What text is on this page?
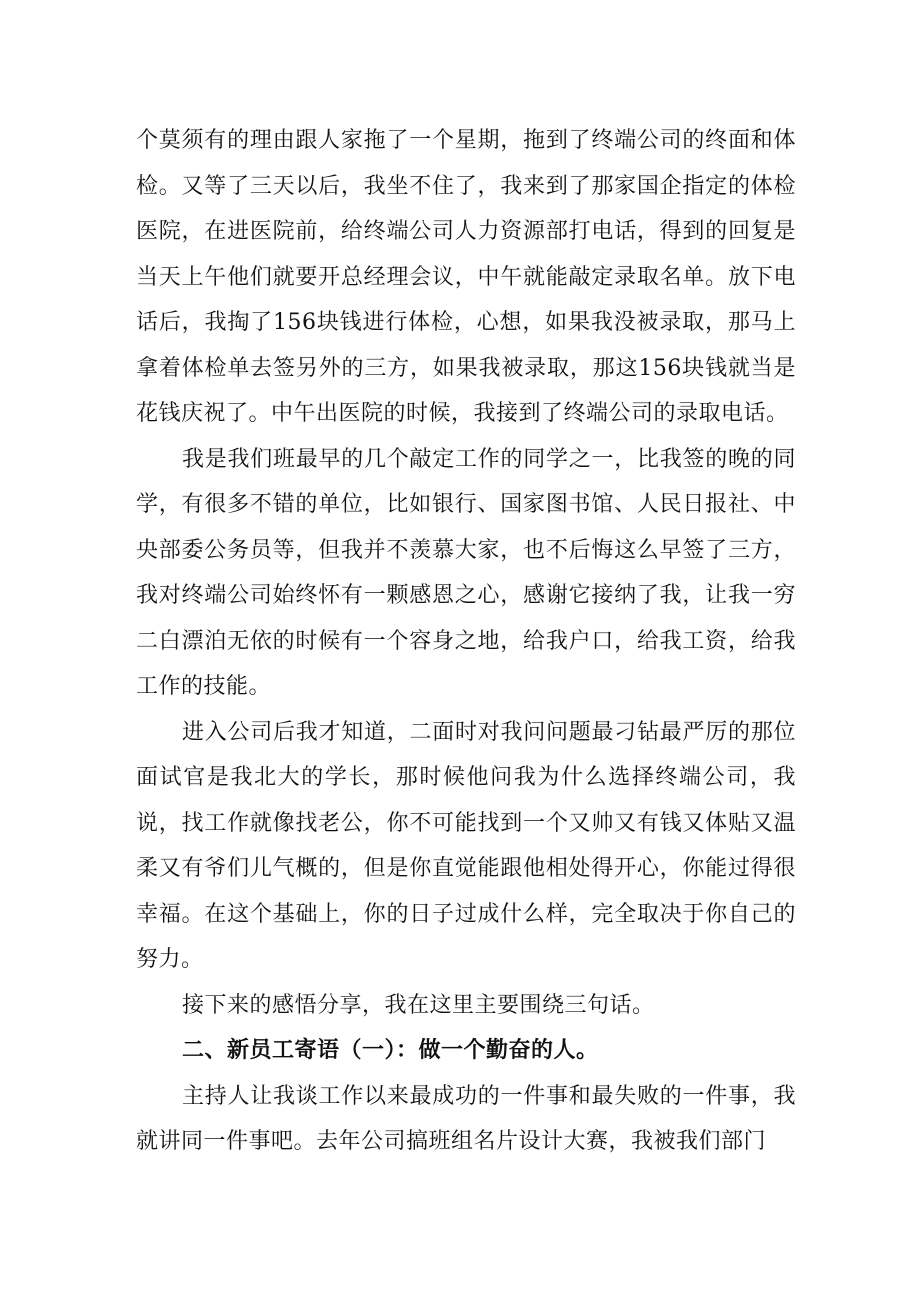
个莫须有的理由跟人家拖了一个星期，拖到了终端公司的终面和体检。又等了三天以后，我坐不住了，我来到了那家国企指定的体检医院，在进医院前，给终端公司人力资源部打电话，得到的回复是当天上午他们就要开总经理会议，中午就能敲定录取名单。放下电话后，我掏了156块钱进行体检，心想，如果我没被录取，那马上拿着体检单去签另外的三方，如果我被录取，那这156块钱就当是花钱庆祝了。中午出医院的时候，我接到了终端公司的录取电话。

我是我们班最早的几个敲定工作的同学之一，比我签的晚的同学，有很多不错的单位，比如银行、国家图书馆、人民日报社、中央部委公务员等，但我并不羡慕大家，也不后悔这么早签了三方，我对终端公司始终怀有一颗感恩之心，感谢它接纳了我，让我一穷二白漂泊无依的时候有一个容身之地，给我户口，给我工资，给我工作的技能。

进入公司后我才知道，二面时对我问问题最刁钻最严厉的那位面试官是我北大的学长，那时候他问我为什么选择终端公司，我说，找工作就像找老公，你不可能找到一个又帅又有钱又体贴又温柔又有爷们儿气概的，但是你直觉能跟他相处得开心，你能过得很幸福。在这个基础上，你的日子过成什么样，完全取决于你自己的努力。

接下来的感悟分享，我在这里主要围绕三句话。

二、新员工寄语（一）：做一个勤奋的人。

主持人让我谈工作以来最成功的一件事和最失败的一件事，我就讲同一件事吧。去年公司搞班组名片设计大赛，我被我们部门
